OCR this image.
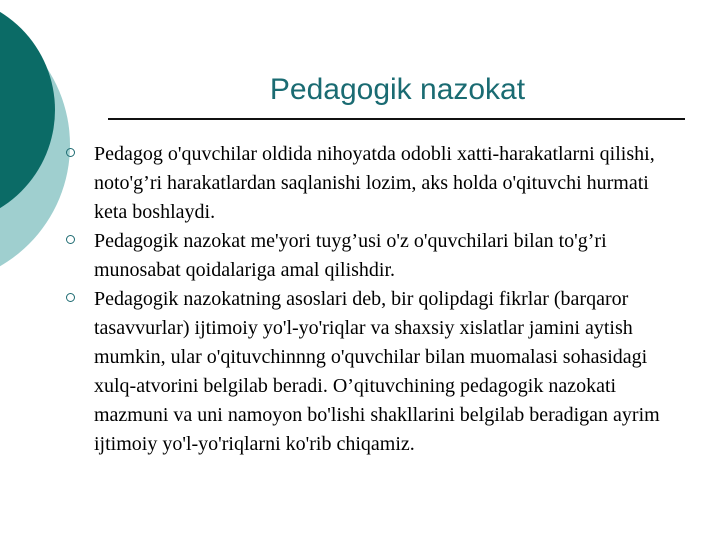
Pedagogik nazokat
Pedagog o'quvchilar oldida nihoyatda odobli xatti-harakatlarni qilishi, noto'g’ri harakatlardan saqlanishi lozim, aks holda o'qituvchi hurmati keta boshlaydi.
Pedagogik nazokat me'yori tuyg’usi o'z o'quvchilari bilan to'g’ri munosabat qoidalariga amal qilishdir.
Pedagogik nazokatning asoslari deb, bir qolipdagi fikrlar (barqaror tasavvurlar) ijtimoiy yo'l-yo'riqlar va shaxsiy xislatlar jamini aytish mumkin, ular o'qituvchinnng o'quvchilar bilan muomalasi sohasidagi xulq-atvorini belgilab beradi. O’qituvchining pedagogik nazokati mazmuni va uni namoyon bo'lishi shakllarini belgilab beradigan ayrim ijtimoiy yo'l-yo'riqlarni ko'rib chiqamiz.
